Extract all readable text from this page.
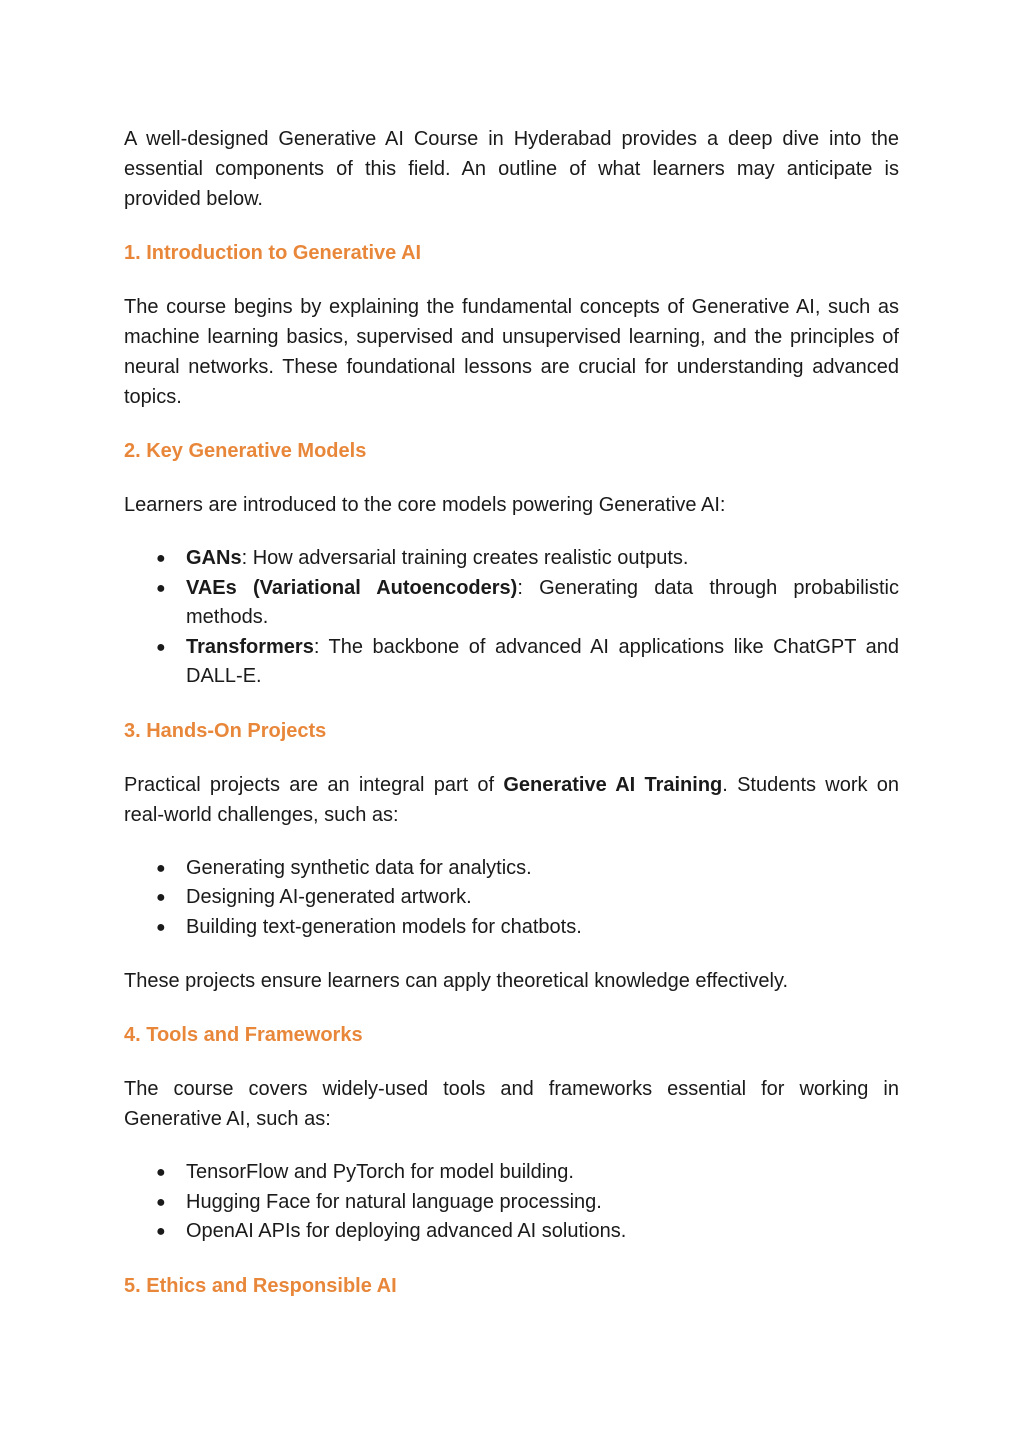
A well-designed Generative AI Course in Hyderabad provides a deep dive into the essential components of this field. An outline of what learners may anticipate is provided below.

1. Introduction to Generative AI

The course begins by explaining the fundamental concepts of Generative AI, such as machine learning basics, supervised and unsupervised learning, and the principles of neural networks. These foundational lessons are crucial for understanding advanced topics.

2. Key Generative Models

Learners are introduced to the core models powering Generative AI:

● GANs: How adversarial training creates realistic outputs.
● VAEs (Variational Autoencoders): Generating data through probabilistic methods.
● Transformers: The backbone of advanced AI applications like ChatGPT and DALL-E.
3. Hands-On Projects

Practical projects are an integral part of Generative AI Training. Students work on real-world challenges, such as:

● Generating synthetic data for analytics.
● Designing AI-generated artwork.
● Building text-generation models for chatbots.

These projects ensure learners can apply theoretical knowledge effectively.

4. Tools and Frameworks

The course covers widely-used tools and frameworks essential for working in Generative AI, such as:

● TensorFlow and PyTorch for model building.
● Hugging Face for natural language processing.
● OpenAI APIs for deploying advanced AI solutions.
5. Ethics and Responsible AI
